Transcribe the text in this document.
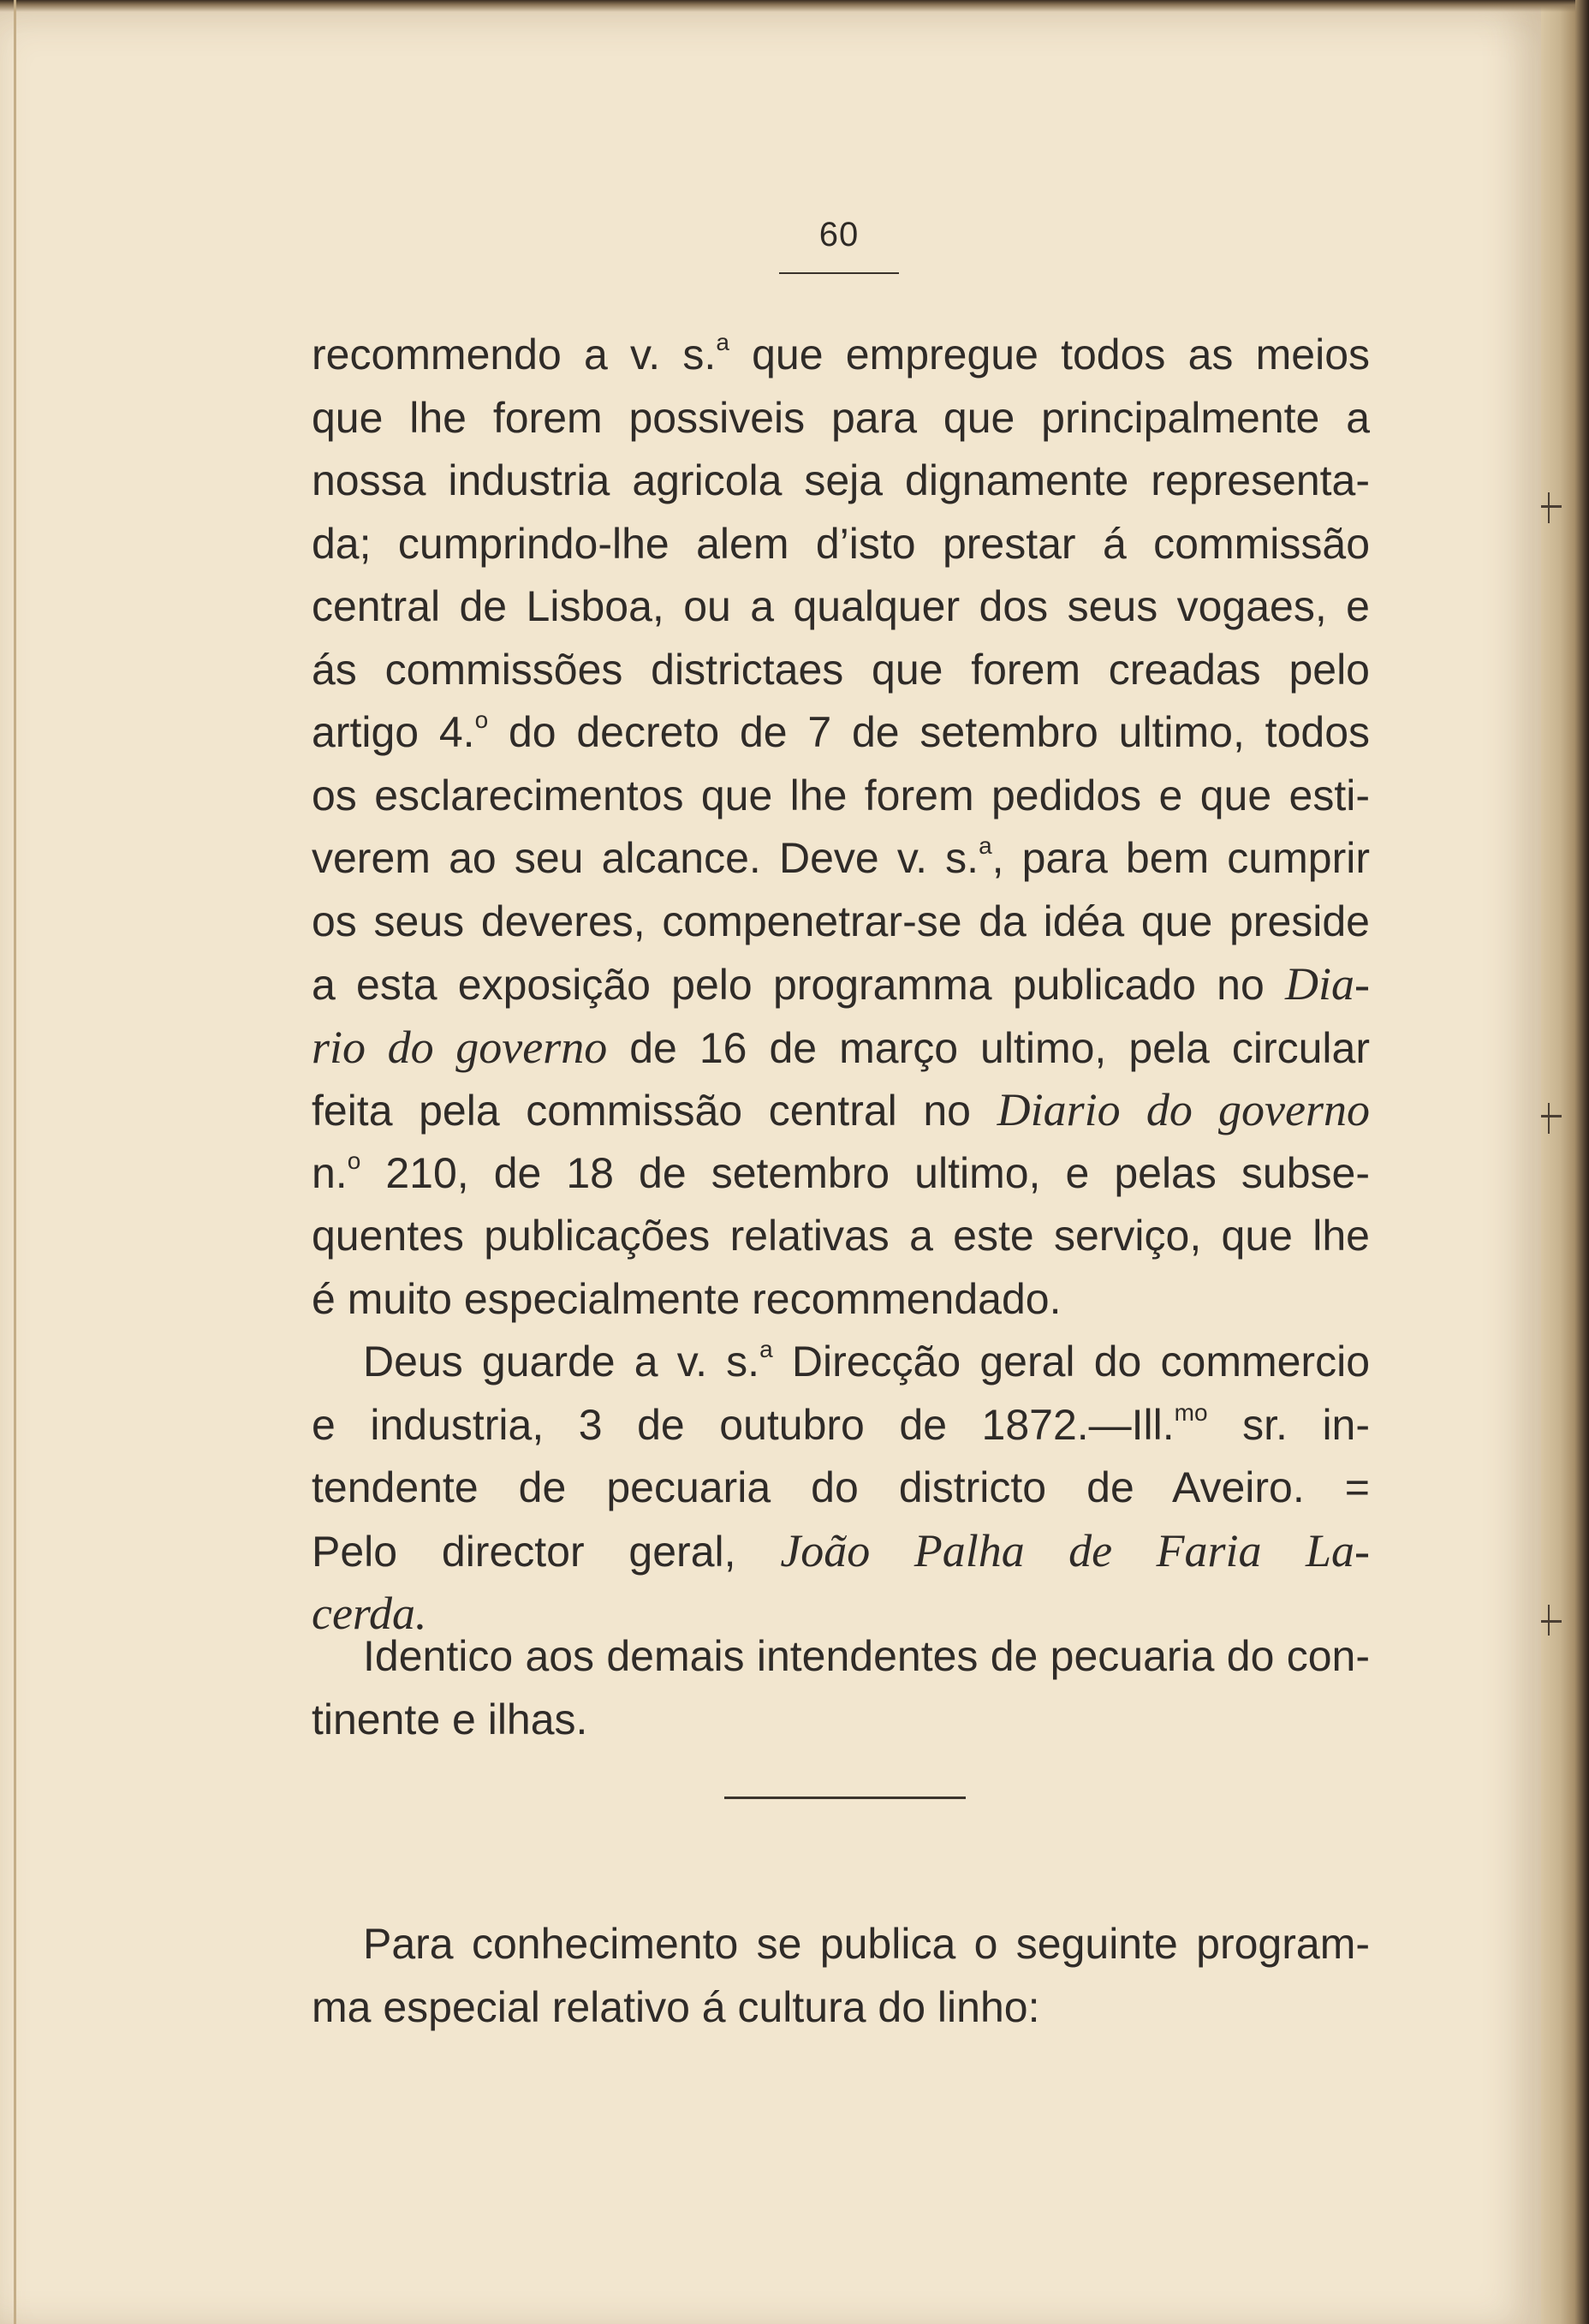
60
recommendo a v. s.$^a$ que empregue todos as meios
que lhe forem possiveis para que principalmente a
nossa industria agricola seja dignamente representa-
da; cumprindo-lhe alem d’isto prestar á commissão
central de Lisboa, ou a qualquer dos seus vogaes, e
ás commissões districtaes que forem creadas pelo
artigo 4.$^o$ do decreto de 7 de setembro ultimo, todos
os esclarecimentos que lhe forem pedidos e que esti-
verem ao seu alcance. Deve v. s.$^a$, para bem cumprir
os seus deveres, compenetrar-se da idéa que preside
a esta exposição pelo programma publicado no Dia-
rio do governo de 16 de março ultimo, pela circular
feita pela commissão central no Diario do governo
n.$^o$ 210, de 18 de setembro ultimo, e pelas subse-
quentes publicações relativas a este serviço, que lhe
é muito especialmente recommendado.
Deus guarde a v. s.$^a$ Direcção geral do commercio
e industria, 3 de outubro de 1872.—Ill.$^{mo}$ sr. in-
tendente de pecuaria do districto de Aveiro. =
Pelo director geral, João Palha de Faria La-
cerda.
Identico aos demais intendentes de pecuaria do con-
tinente e ilhas.
Para conhecimento se publica o seguinte program-
ma especial relativo á cultura do linho:
